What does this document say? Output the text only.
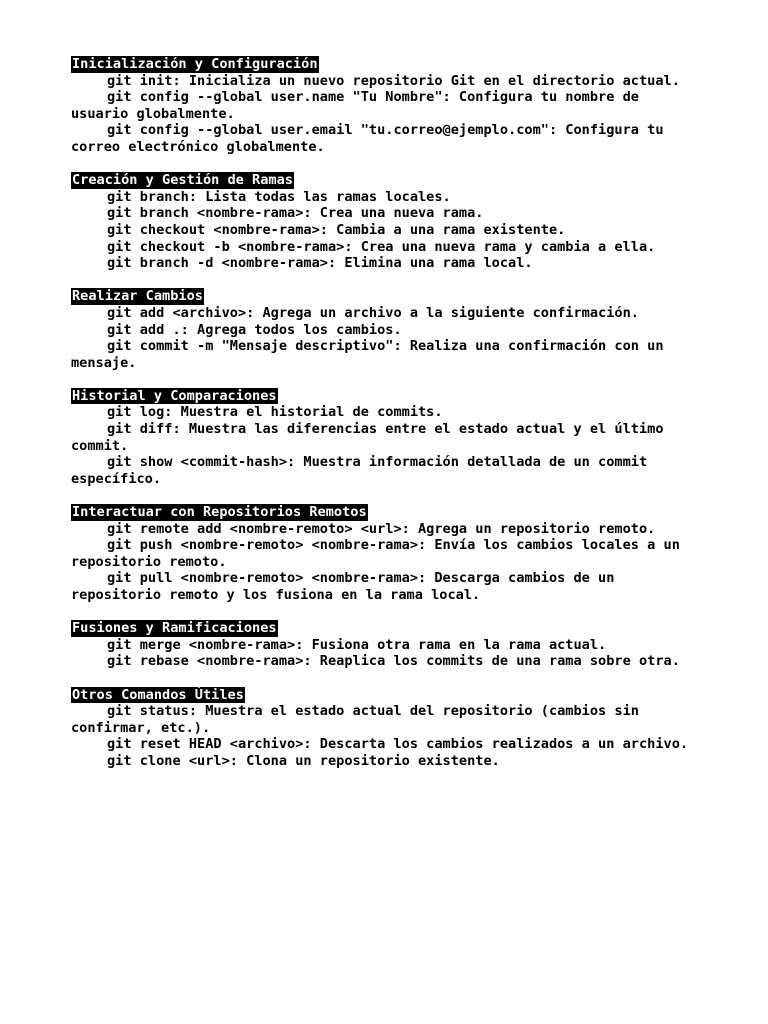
Inicialización y Configuración
git init: Inicializa un nuevo repositorio Git en el directorio actual.
git config --global user.name "Tu Nombre": Configura tu nombre de usuario globalmente.
git config --global user.email "tu.correo@ejemplo.com": Configura tu correo electrónico globalmente.
Creación y Gestión de Ramas
git branch: Lista todas las ramas locales.
git branch <nombre-rama>: Crea una nueva rama.
git checkout <nombre-rama>: Cambia a una rama existente.
git checkout -b <nombre-rama>: Crea una nueva rama y cambia a ella.
git branch -d <nombre-rama>: Elimina una rama local.
Realizar Cambios
git add <archivo>: Agrega un archivo a la siguiente confirmación.
git add .: Agrega todos los cambios.
git commit -m "Mensaje descriptivo": Realiza una confirmación con un mensaje.
Historial y Comparaciones
git log: Muestra el historial de commits.
git diff: Muestra las diferencias entre el estado actual y el último commit.
git show <commit-hash>: Muestra información detallada de un commit específico.
Interactuar con Repositorios Remotos
git remote add <nombre-remoto> <url>: Agrega un repositorio remoto.
git push <nombre-remoto> <nombre-rama>: Envía los cambios locales a un repositorio remoto.
git pull <nombre-remoto> <nombre-rama>: Descarga cambios de un repositorio remoto y los fusiona en la rama local.
Fusiones y Ramificaciones
git merge <nombre-rama>: Fusiona otra rama en la rama actual.
git rebase <nombre-rama>: Reaplica los commits de una rama sobre otra.
Otros Comandos Útiles
git status: Muestra el estado actual del repositorio (cambios sin confirmar, etc.).
git reset HEAD <archivo>: Descarta los cambios realizados a un archivo.
git clone <url>: Clona un repositorio existente.
